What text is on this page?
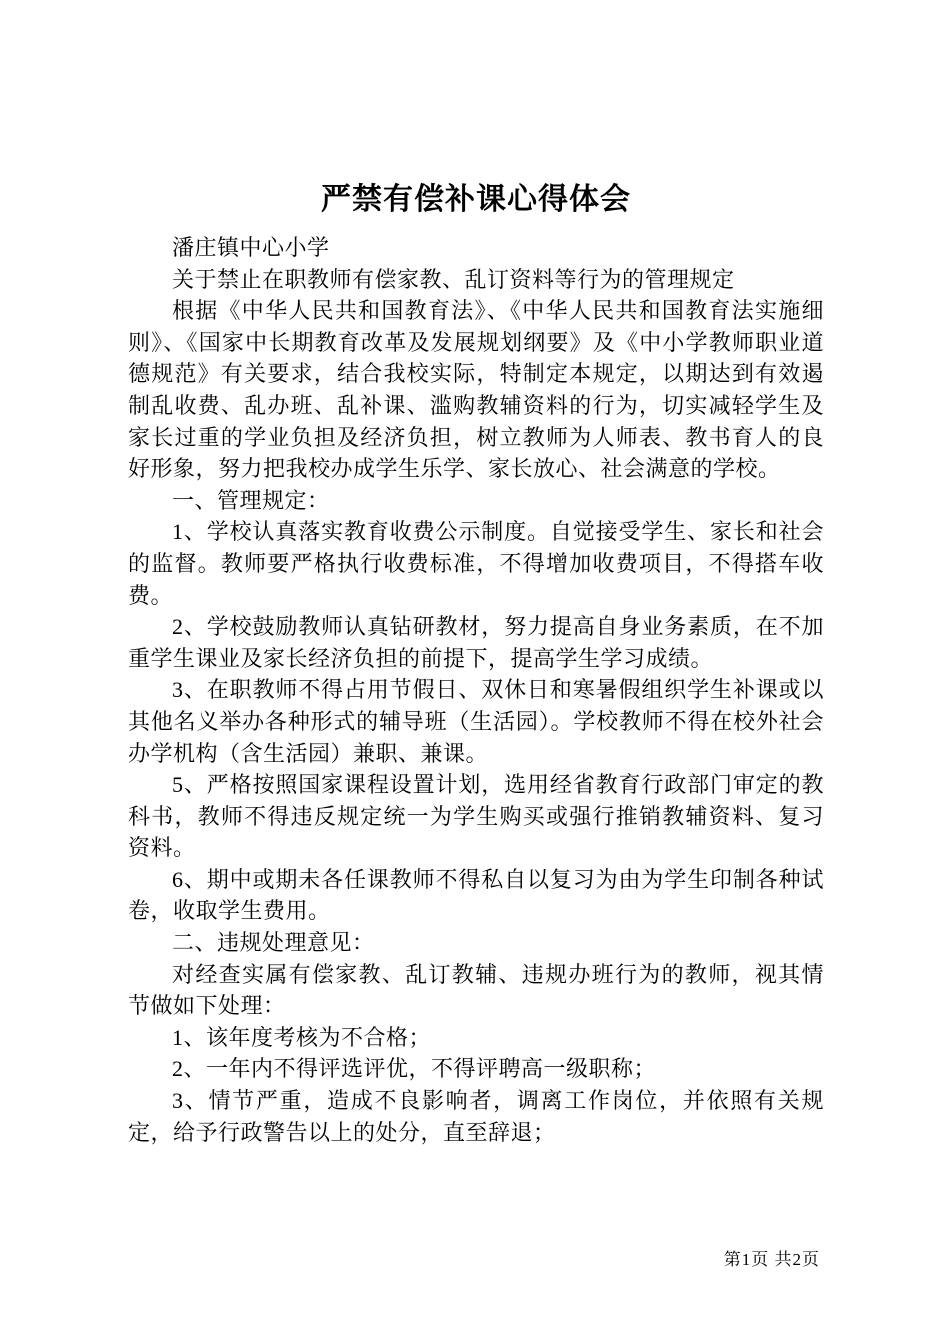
严禁有偿补课心得体会

潘庄镇中心小学

关于禁止在职教师有偿家教、乱订资料等行为的管理规定

根据《中华人民共和国教育法》、《中华人民共和国教育法实施细则》、《国家中长期教育改革及发展规划纲要》及《中小学教师职业道德规范》有关要求，结合我校实际，特制定本规定，以期达到有效遏制乱收费、乱办班、乱补课、滥购教辅资料的行为，切实减轻学生及家长过重的学业负担及经济负担，树立教师为人师表、教书育人的良好形象，努力把我校办成学生乐学、家长放心、社会满意的学校。

一、管理规定：

1、学校认真落实教育收费公示制度。自觉接受学生、家长和社会的监督。教师要严格执行收费标准，不得增加收费项目，不得搭车收费。

2、学校鼓励教师认真钻研教材，努力提高自身业务素质，在不加重学生课业及家长经济负担的前提下，提高学生学习成绩。

3、在职教师不得占用节假日、双休日和寒暑假组织学生补课或以其他名义举办各种形式的辅导班（生活园）。学校教师不得在校外社会办学机构（含生活园）兼职、兼课。

5、严格按照国家课程设置计划，选用经省教育行政部门审定的教科书，教师不得违反规定统一为学生购买或强行推销教辅资料、复习资料。

6、期中或期未各任课教师不得私自以复习为由为学生印制各种试卷，收取学生费用。

二、违规处理意见：

对经查实属有偿家教、乱订教辅、违规办班行为的教师，视其情节做如下处理：

1、该年度考核为不合格；

2、一年内不得评选评优，不得评聘高一级职称；

3、情节严重，造成不良影响者，调离工作岗位，并依照有关规定，给予行政警告以上的处分，直至辞退；

第1页 共2页
